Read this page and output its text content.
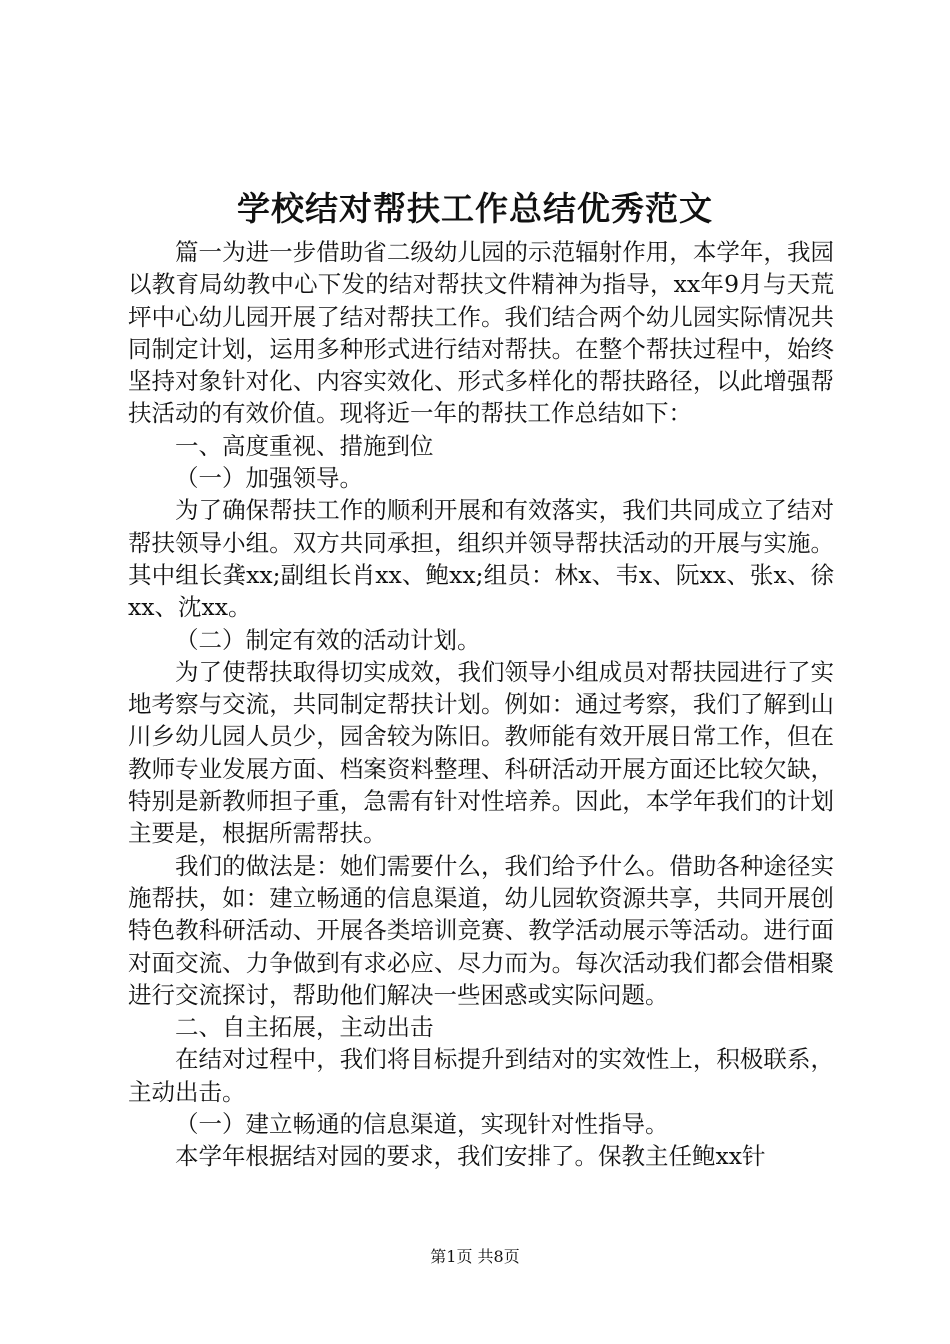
学校结对帮扶工作总结优秀范文

篇一为进一步借助省二级幼儿园的示范辐射作用，本学年，我园以教育局幼教中心下发的结对帮扶文件精神为指导，xx年9月与天荒坪中心幼儿园开展了结对帮扶工作。我们结合两个幼儿园实际情况共同制定计划，运用多种形式进行结对帮扶。在整个帮扶过程中，始终坚持对象针对化、内容实效化、形式多样化的帮扶路径，以此增强帮扶活动的有效价值。现将近一年的帮扶工作总结如下：

一、高度重视、措施到位

（一）加强领导。

为了确保帮扶工作的顺利开展和有效落实，我们共同成立了结对帮扶领导小组。双方共同承担，组织并领导帮扶活动的开展与实施。其中组长龚xx;副组长肖xx、鲍xx;组员：林x、韦x、阮xx、张x、徐xx、沈xx。

（二）制定有效的活动计划。

为了使帮扶取得切实成效，我们领导小组成员对帮扶园进行了实地考察与交流，共同制定帮扶计划。例如：通过考察，我们了解到山川乡幼儿园人员少，园舍较为陈旧。教师能有效开展日常工作，但在教师专业发展方面、档案资料整理、科研活动开展方面还比较欠缺，特别是新教师担子重，急需有针对性培养。因此，本学年我们的计划主要是，根据所需帮扶。

我们的做法是：她们需要什么，我们给予什么。借助各种途径实施帮扶，如：建立畅通的信息渠道，幼儿园软资源共享，共同开展创特色教科研活动、开展各类培训竞赛、教学活动展示等活动。进行面对面交流、力争做到有求必应、尽力而为。每次活动我们都会借相聚进行交流探讨，帮助他们解决一些困惑或实际问题。

二、自主拓展，主动出击

在结对过程中，我们将目标提升到结对的实效性上，积极联系，主动出击。

（一）建立畅通的信息渠道，实现针对性指导。

本学年根据结对园的要求，我们安排了。保教主任鲍xx针

第1页 共8页
